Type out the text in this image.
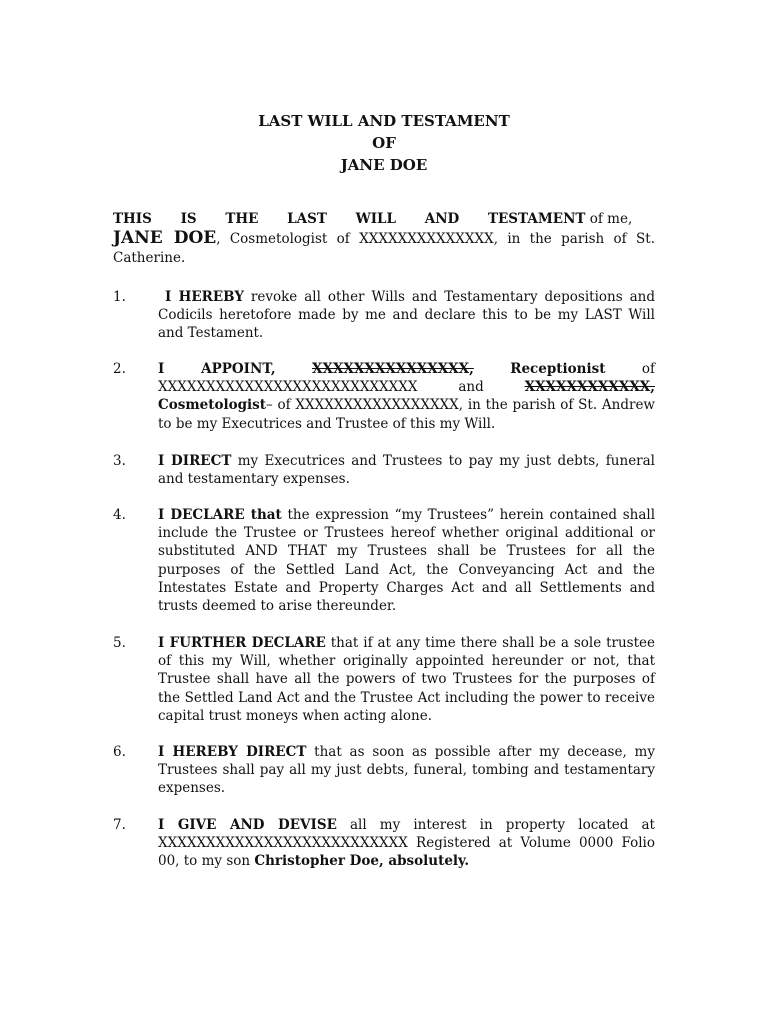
LAST WILL AND TESTAMENT
OF
JANE DOE
THIS IS THE LAST WILL AND TESTAMENT of me,
JANE DOE, Cosmetologist of XXXXXXXXXXXXXX, in the parish of St. Catherine.
1.	I HEREBY revoke all other Wills and Testamentary depositions and Codicils heretofore made by me and declare this to be my LAST Will and Testament.
2.	I APPOINT,	XXXXXXXXXXXXXXX,	Receptionist of XXXXXXXXXXXXXXXXXXXXXXXXXXX and XXXXXXXXXXXX, Cosmetologist– of XXXXXXXXXXXXXXXXX, in the parish of St. Andrew to be my Executrices and Trustee of this my Will.
3.	I DIRECT my Executrices and Trustees to pay my just debts, funeral and testamentary expenses.
4.	I DECLARE that the expression “my Trustees” herein contained shall include the Trustee or Trustees hereof whether original additional or substituted AND THAT my Trustees shall be Trustees for all the purposes of the Settled Land Act, the Conveyancing Act and the Intestates Estate and Property Charges Act and all Settlements and trusts deemed to arise thereunder.
5.	I FURTHER DECLARE that if at any time there shall be a sole trustee of this my Will, whether originally appointed hereunder or not, that Trustee shall have all the powers of two Trustees for the purposes of the Settled Land Act and the Trustee Act including the power to receive capital trust moneys when acting alone.
6.	I HEREBY DIRECT that as soon as possible after my decease, my Trustees shall pay all my just debts, funeral, tombing and testamentary expenses.
7.	I GIVE AND DEVISE all my interest in property located at XXXXXXXXXXXXXXXXXXXXXXXXXX Registered at Volume 0000 Folio 00, to my son Christopher Doe, absolutely.
